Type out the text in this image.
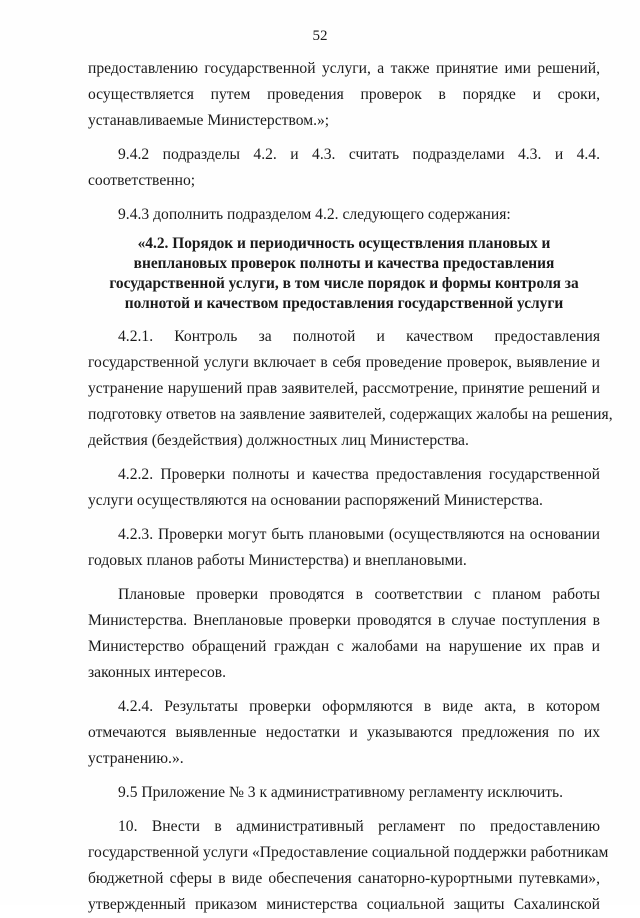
52
предоставлению государственной услуги, а также принятие ими решений,
осуществляется путем проведения проверок в порядке и сроки,
устанавливаемые Министерством.»;
9.4.2 подразделы 4.2. и 4.3. считать подразделами 4.3. и 4.4.
соответственно;
9.4.3 дополнить подразделом 4.2. следующего содержания:
«4.2. Порядок и периодичность осуществления плановых и
внеплановых проверок полноты и качества предоставления
государственной услуги, в том числе порядок и формы контроля за
полнотой и качеством предоставления государственной услуги
4.2.1. Контроль за полнотой и качеством предоставления
государственной услуги включает в себя проведение проверок, выявление и
устранение нарушений прав заявителей, рассмотрение, принятие решений и
подготовку ответов на заявление заявителей, содержащих жалобы на решения,
действия (бездействия) должностных лиц Министерства.
4.2.2. Проверки полноты и качества предоставления государственной
услуги осуществляются на основании распоряжений Министерства.
4.2.3. Проверки могут быть плановыми (осуществляются на основании
годовых планов работы Министерства) и внеплановыми.
Плановые проверки проводятся в соответствии с планом работы
Министерства. Внеплановые проверки проводятся в случае поступления в
Министерство обращений граждан с жалобами на нарушение их прав и
законных интересов.
4.2.4. Результаты проверки оформляются в виде акта, в котором
отмечаются выявленные недостатки и указываются предложения по их
устранению.».
9.5 Приложение № 3 к административному регламенту исключить.
10. Внести в административный регламент по предоставлению
государственной услуги «Предоставление социальной поддержки работникам
бюджетной сферы в виде обеспечения санаторно-курортными путевками»,
утвержденный приказом министерства социальной защиты Сахалинской
